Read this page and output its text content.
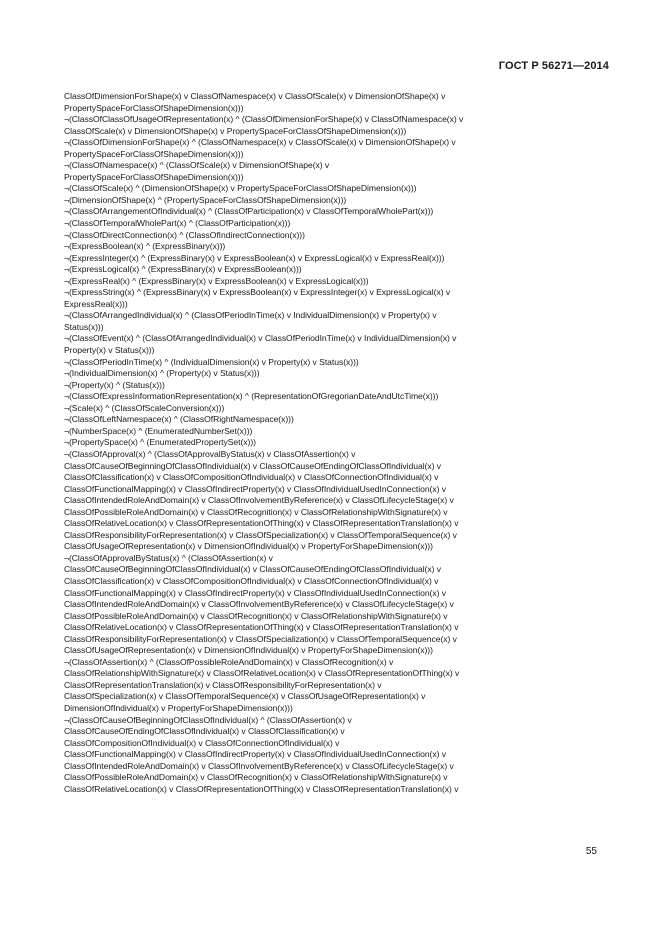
ГОСТ Р 56271—2014
ClassOfDimensionForShape(x) v ClassOfNamespace(x) v ClassOfScale(x) v DimensionOfShape(x) v
PropertySpaceForClassOfShapeDimension(x)))
¬(ClassOfClassOfUsageOfRepresentation(x) ^ (ClassOfDimensionForShape(x) v ClassOfNamespace(x) v
ClassOfScale(x) v DimensionOfShape(x) v PropertySpaceForClassOfShapeDimension(x)))
¬(ClassOfDimensionForShape(x) ^ (ClassOfNamespace(x) v ClassOfScale(x) v DimensionOfShape(x) v
PropertySpaceForClassOfShapeDimension(x)))
¬(ClassOfNamespace(x) ^ (ClassOfScale(x) v DimensionOfShape(x) v
PropertySpaceForClassOfShapeDimension(x)))
¬(ClassOfScale(x) ^ (DimensionOfShape(x) v PropertySpaceForClassOfShapeDimension(x)))
¬(DimensionOfShape(x) ^ (PropertySpaceForClassOfShapeDimension(x)))
¬(ClassOfArrangementOfIndividual(x) ^ (ClassOfParticipation(x) v ClassOfTemporalWholePart(x)))
¬(ClassOfTemporalWholePart(x) ^ (ClassOfParticipation(x)))
¬(ClassOfDirectConnection(x) ^ (ClassOfIndirectConnection(x)))
¬(ExpressBoolean(x) ^ (ExpressBinary(x)))
¬(ExpressInteger(x) ^ (ExpressBinary(x) v ExpressBoolean(x) v ExpressLogical(x) v ExpressReal(x)))
¬(ExpressLogical(x) ^ (ExpressBinary(x) v ExpressBoolean(x)))
¬(ExpressReal(x) ^ (ExpressBinary(x) v ExpressBoolean(x) v ExpressLogical(x)))
¬(ExpressString(x) ^ (ExpressBinary(x) v ExpressBoolean(x) v ExpressInteger(x) v ExpressLogical(x) v
ExpressReal(x)))
¬(ClassOfArrangedIndividual(x) ^ (ClassOfPeriodInTime(x) v IndividualDimension(x) v Property(x) v
Status(x)))
¬(ClassOfEvent(x) ^ (ClassOfArrangedIndividual(x) v ClassOfPeriodInTime(x) v IndividualDimension(x) v
Property(x) v Status(x)))
¬(ClassOfPeriodInTime(x) ^ (IndividualDimension(x) v Property(x) v Status(x)))
¬(IndividualDimension(x) ^ (Property(x) v Status(x)))
¬(Property(x) ^ (Status(x)))
¬(ClassOfExpressInformationRepresentation(x) ^ (RepresentationOfGregorianDateAndUtcTime(x)))
¬(Scale(x) ^ (ClassOfScaleConversion(x)))
¬(ClassOfLeftNamespace(x) ^ (ClassOfRightNamespace(x)))
¬(NumberSpace(x) ^ (EnumeratedNumberSet(x)))
¬(PropertySpace(x) ^ (EnumeratedPropertySet(x)))
¬(ClassOfApproval(x) ^ (ClassOfApprovalByStatus(x) v ClassOfAssertion(x) v
ClassOfCauseOfBeginningOfClassOfIndividual(x) v ClassOfCauseOfEndingOfClassOfIndividual(x) v
ClassOfClassification(x) v ClassOfCompositionOfIndividual(x) v ClassOfConnectionOfIndividual(x) v
ClassOfFunctionalMapping(x) v ClassOfIndirectProperty(x) v ClassOfIndividualUsedInConnection(x) v
ClassOfIntendedRoleAndDomain(x) v ClassOfInvolvementByReference(x) v ClassOfLifecycleStage(x) v
ClassOfPossibleRoleAndDomain(x) v ClassOfRecognition(x) v ClassOfRelationshipWithSignature(x) v
ClassOfRelativeLocation(x) v ClassOfRepresentationOfThing(x) v ClassOfRepresentationTranslation(x) v
ClassOfResponsibilityForRepresentation(x) v ClassOfSpecialization(x) v ClassOfTemporalSequence(x) v
ClassOfUsageOfRepresentation(x) v DimensionOfIndividual(x) v PropertyForShapeDimension(x)))
¬(ClassOfApprovalByStatus(x) ^ (ClassOfAssertion(x) v
ClassOfCauseOfBeginningOfClassOfIndividual(x) v ClassOfCauseOfEndingOfClassOfIndividual(x) v
ClassOfClassification(x) v ClassOfCompositionOfIndividual(x) v ClassOfConnectionOfIndividual(x) v
ClassOfFunctionalMapping(x) v ClassOfIndirectProperty(x) v ClassOfIndividualUsedInConnection(x) v
ClassOfIntendedRoleAndDomain(x) v ClassOfInvolvementByReference(x) v ClassOfLifecycleStage(x) v
ClassOfPossibleRoleAndDomain(x) v ClassOfRecognition(x) v ClassOfRelationshipWithSignature(x) v
ClassOfRelativeLocation(x) v ClassOfRepresentationOfThing(x) v ClassOfRepresentationTranslation(x) v
ClassOfResponsibilityForRepresentation(x) v ClassOfSpecialization(x) v ClassOfTemporalSequence(x) v
ClassOfUsageOfRepresentation(x) v DimensionOfIndividual(x) v PropertyForShapeDimension(x)))
¬(ClassOfAssertion(x) ^ (ClassOfPossibleRoleAndDomain(x) v ClassOfRecognition(x) v
ClassOfRelationshipWithSignature(x) v ClassOfRelativeLocation(x) v ClassOfRepresentationOfThing(x) v
ClassOfRepresentationTranslation(x) v ClassOfResponsibilityForRepresentation(x) v
ClassOfSpecialization(x) v ClassOfTemporalSequence(x) v ClassOfUsageOfRepresentation(x) v
DimensionOfIndividual(x) v PropertyForShapeDimension(x)))
¬(ClassOfCauseOfBeginningOfClassOfIndividual(x) ^ (ClassOfAssertion(x) v
ClassOfCauseOfEndingOfClassOfIndividual(x) v ClassOfClassification(x) v
ClassOfCompositionOfIndividual(x) v ClassOfConnectionOfIndividual(x) v
ClassOfFunctionalMapping(x) v ClassOfIndirectProperty(x) v ClassOfIndividualUsedInConnection(x) v
ClassOfIntendedRoleAndDomain(x) v ClassOfInvolvementByReference(x) v ClassOfLifecycleStage(x) v
ClassOfPossibleRoleAndDomain(x) v ClassOfRecognition(x) v ClassOfRelationshipWithSignature(x) v
ClassOfRelativeLocation(x) v ClassOfRepresentationOfThing(x) v ClassOfRepresentationTranslation(x) v
55
